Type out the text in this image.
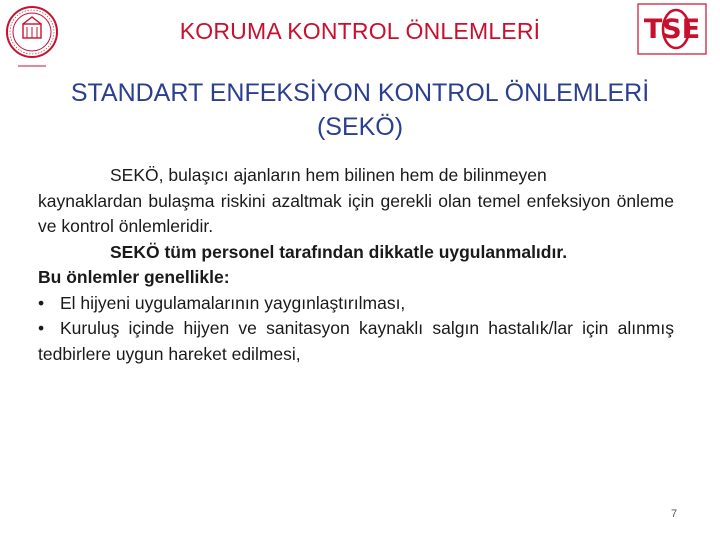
TSE
KORUMA KONTROL ÖNLEMLERİ
STANDART ENFEKSİYON KONTROL ÖNLEMLERİ
(SEKÖ)

SEKÖ, bulaşıcı ajanların hem bilinen hem de bilinmeyen

kaynaklardan bulaşma riskini azaltmak için gerekli olan temel enfeksiyon önleme ve kontrol önlemleridir.

SEKÖ tüm personel tarafından dikkatle uygulanmalıdır.

Bu önlemler genellikle:

• El hijyeni uygulamalarının yaygınlaştırılması,

• Kuruluş içinde hijyen ve sanitasyon kaynaklı salgın hastalık/lar için alınmış tedbirlere uygun hareket edilmesi,

7
